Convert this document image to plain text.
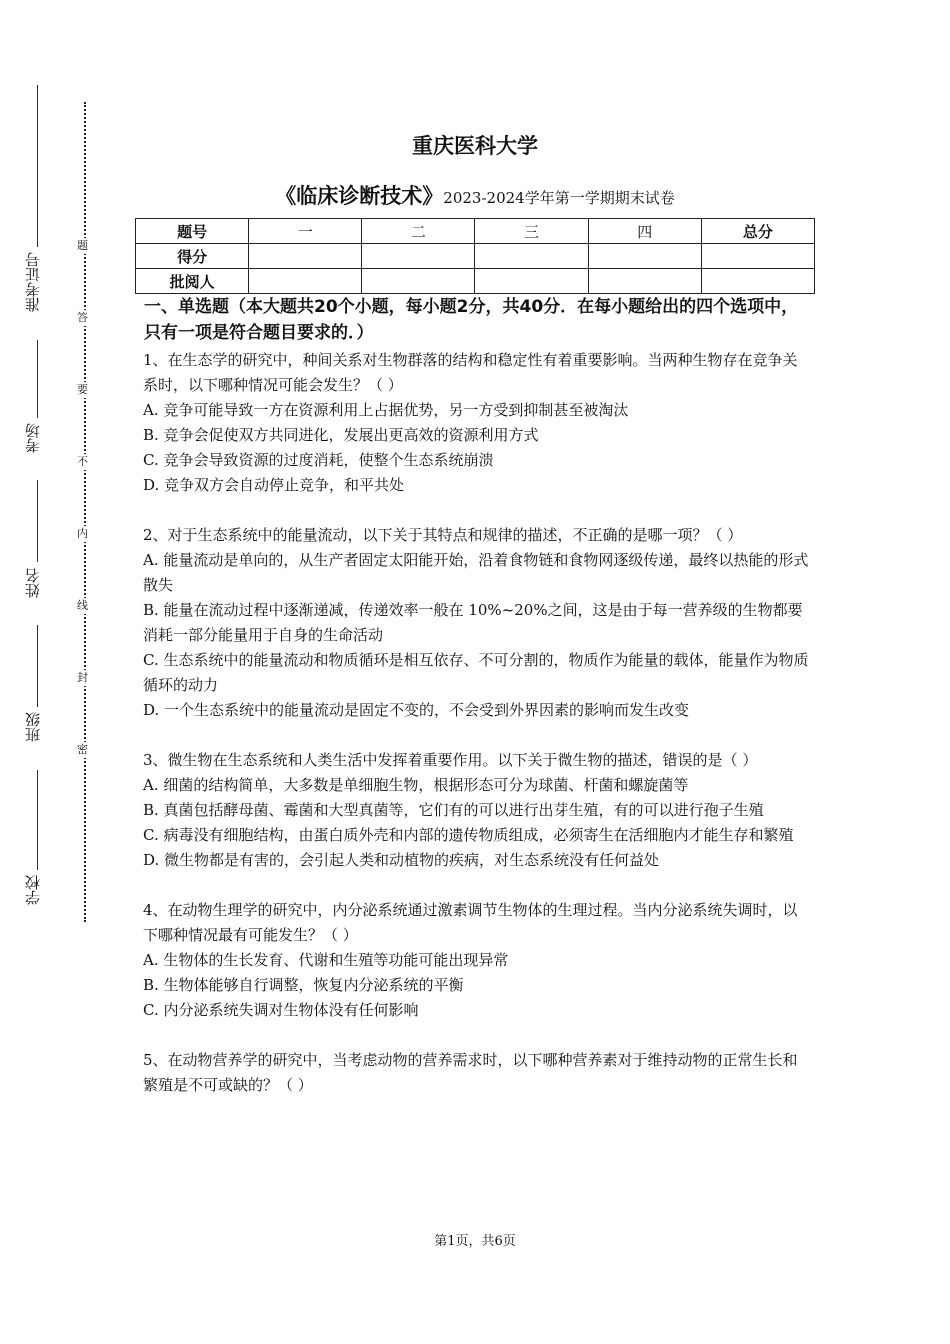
学校
班级
姓名
考场
准考证号
密
封
线
内
不
要
答
题
重庆医科大学
《临床诊断技术》2023-2024学年第一学期期末试卷
题号	一	二	三	四	总分
得分					
批阅人					
一、单选题（本大题共20个小题，每小题2分，共40分．在每小题给出的四个选项中，只有一项是符合题目要求的．）

1、在生态学的研究中，种间关系对生物群落的结构和稳定性有着重要影响。当两种生物存在竞争关系时，以下哪种情况可能会发生？（ ）

A. 竞争可能导致一方在资源利用上占据优势，另一方受到抑制甚至被淘汰

B. 竞争会促使双方共同进化，发展出更高效的资源利用方式

C. 竞争会导致资源的过度消耗，使整个生态系统崩溃

D. 竞争双方会自动停止竞争，和平共处

2、对于生态系统中的能量流动，以下关于其特点和规律的描述，不正确的是哪一项？（ ）

A. 能量流动是单向的，从生产者固定太阳能开始，沿着食物链和食物网逐级传递，最终以热能的形式散失

B. 能量在流动过程中逐渐递减，传递效率一般在 10%~20%之间，这是由于每一营养级的生物都要消耗一部分能量用于自身的生命活动

C. 生态系统中的能量流动和物质循环是相互依存、不可分割的，物质作为能量的载体，能量作为物质循环的动力

D. 一个生态系统中的能量流动是固定不变的，不会受到外界因素的影响而发生改变

3、微生物在生态系统和人类生活中发挥着重要作用。以下关于微生物的描述，错误的是（ ）

A. 细菌的结构简单，大多数是单细胞生物，根据形态可分为球菌、杆菌和螺旋菌等

B. 真菌包括酵母菌、霉菌和大型真菌等，它们有的可以进行出芽生殖，有的可以进行孢子生殖

C. 病毒没有细胞结构，由蛋白质外壳和内部的遗传物质组成，必须寄生在活细胞内才能生存和繁殖

D. 微生物都是有害的，会引起人类和动植物的疾病，对生态系统没有任何益处

4、在动物生理学的研究中，内分泌系统通过激素调节生物体的生理过程。当内分泌系统失调时，以下哪种情况最有可能发生？（ ）

A. 生物体的生长发育、代谢和生殖等功能可能出现异常

B. 生物体能够自行调整，恢复内分泌系统的平衡

C. 内分泌系统失调对生物体没有任何影响

5、在动物营养学的研究中，当考虑动物的营养需求时，以下哪种营养素对于维持动物的正常生长和繁殖是不可或缺的？（ ）

第1页，共6页
